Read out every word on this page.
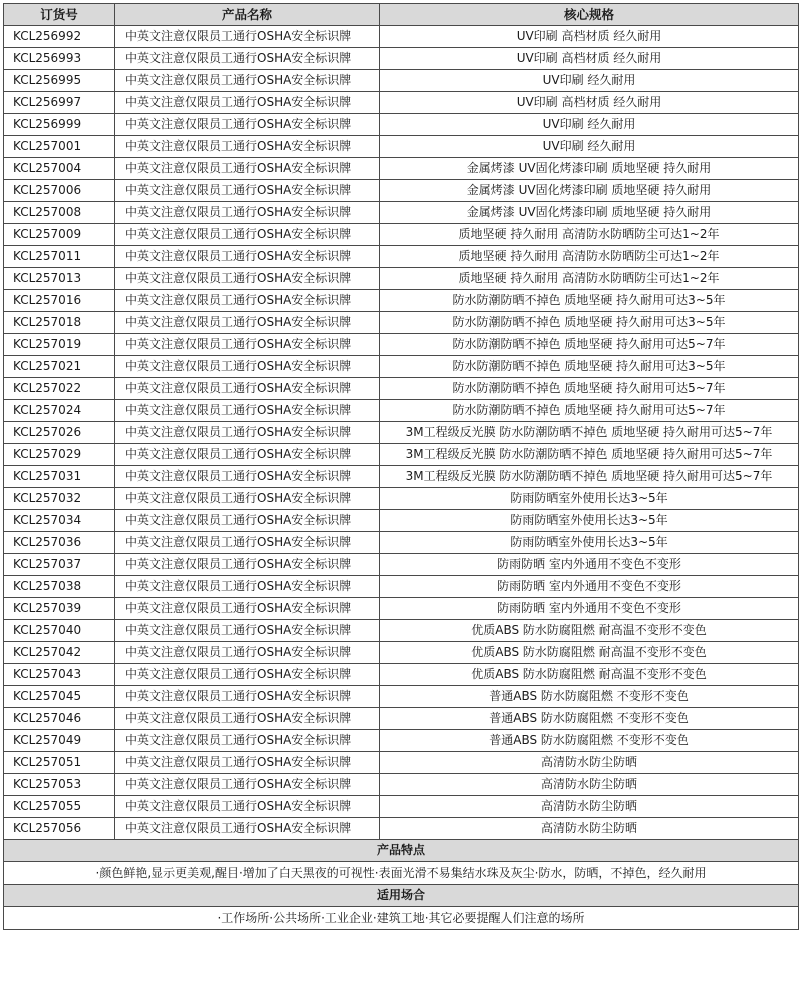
订货号	产品名称	核心规格
KCL256992	中英文注意仅限员工通行OSHA安全标识牌	UV印刷 高档材质 经久耐用
KCL256993	中英文注意仅限员工通行OSHA安全标识牌	UV印刷 高档材质 经久耐用
KCL256995	中英文注意仅限员工通行OSHA安全标识牌	UV印刷 经久耐用
KCL256997	中英文注意仅限员工通行OSHA安全标识牌	UV印刷 高档材质 经久耐用
KCL256999	中英文注意仅限员工通行OSHA安全标识牌	UV印刷 经久耐用
KCL257001	中英文注意仅限员工通行OSHA安全标识牌	UV印刷 经久耐用
KCL257004	中英文注意仅限员工通行OSHA安全标识牌	金属烤漆 UV固化烤漆印刷 质地坚硬 持久耐用
KCL257006	中英文注意仅限员工通行OSHA安全标识牌	金属烤漆 UV固化烤漆印刷 质地坚硬 持久耐用
KCL257008	中英文注意仅限员工通行OSHA安全标识牌	金属烤漆 UV固化烤漆印刷 质地坚硬 持久耐用
KCL257009	中英文注意仅限员工通行OSHA安全标识牌	质地坚硬 持久耐用 高清防水防晒防尘可达1~2年
KCL257011	中英文注意仅限员工通行OSHA安全标识牌	质地坚硬 持久耐用 高清防水防晒防尘可达1~2年
KCL257013	中英文注意仅限员工通行OSHA安全标识牌	质地坚硬 持久耐用 高清防水防晒防尘可达1~2年
KCL257016	中英文注意仅限员工通行OSHA安全标识牌	防水防潮防晒不掉色 质地坚硬 持久耐用可达3~5年
KCL257018	中英文注意仅限员工通行OSHA安全标识牌	防水防潮防晒不掉色 质地坚硬 持久耐用可达3~5年
KCL257019	中英文注意仅限员工通行OSHA安全标识牌	防水防潮防晒不掉色 质地坚硬 持久耐用可达5~7年
KCL257021	中英文注意仅限员工通行OSHA安全标识牌	防水防潮防晒不掉色 质地坚硬 持久耐用可达3~5年
KCL257022	中英文注意仅限员工通行OSHA安全标识牌	防水防潮防晒不掉色 质地坚硬 持久耐用可达5~7年
KCL257024	中英文注意仅限员工通行OSHA安全标识牌	防水防潮防晒不掉色 质地坚硬 持久耐用可达5~7年
KCL257026	中英文注意仅限员工通行OSHA安全标识牌	3M工程级反光膜 防水防潮防晒不掉色 质地坚硬 持久耐用可达5~7年
KCL257029	中英文注意仅限员工通行OSHA安全标识牌	3M工程级反光膜 防水防潮防晒不掉色 质地坚硬 持久耐用可达5~7年
KCL257031	中英文注意仅限员工通行OSHA安全标识牌	3M工程级反光膜 防水防潮防晒不掉色 质地坚硬 持久耐用可达5~7年
KCL257032	中英文注意仅限员工通行OSHA安全标识牌	防雨防晒室外使用长达3~5年
KCL257034	中英文注意仅限员工通行OSHA安全标识牌	防雨防晒室外使用长达3~5年
KCL257036	中英文注意仅限员工通行OSHA安全标识牌	防雨防晒室外使用长达3~5年
KCL257037	中英文注意仅限员工通行OSHA安全标识牌	防雨防晒 室内外通用不变色不变形
KCL257038	中英文注意仅限员工通行OSHA安全标识牌	防雨防晒 室内外通用不变色不变形
KCL257039	中英文注意仅限员工通行OSHA安全标识牌	防雨防晒 室内外通用不变色不变形
KCL257040	中英文注意仅限员工通行OSHA安全标识牌	优质ABS 防水防腐阻燃 耐高温不变形不变色
KCL257042	中英文注意仅限员工通行OSHA安全标识牌	优质ABS 防水防腐阻燃 耐高温不变形不变色
KCL257043	中英文注意仅限员工通行OSHA安全标识牌	优质ABS 防水防腐阻燃 耐高温不变形不变色
KCL257045	中英文注意仅限员工通行OSHA安全标识牌	普通ABS 防水防腐阻燃 不变形不变色
KCL257046	中英文注意仅限员工通行OSHA安全标识牌	普通ABS 防水防腐阻燃 不变形不变色
KCL257049	中英文注意仅限员工通行OSHA安全标识牌	普通ABS 防水防腐阻燃 不变形不变色
KCL257051	中英文注意仅限员工通行OSHA安全标识牌	高清防水防尘防晒
KCL257053	中英文注意仅限员工通行OSHA安全标识牌	高清防水防尘防晒
KCL257055	中英文注意仅限员工通行OSHA安全标识牌	高清防水防尘防晒
KCL257056	中英文注意仅限员工通行OSHA安全标识牌	高清防水防尘防晒
产品特点		
·颜色鲜艳,显示更美观,醒目·增加了白天黑夜的可视性·表面光滑不易集结水珠及灰尘·防水，防晒，不掉色，经久耐用		
适用场合		
·工作场所·公共场所·工业企业·建筑工地·其它必要提醒人们注意的场所		
